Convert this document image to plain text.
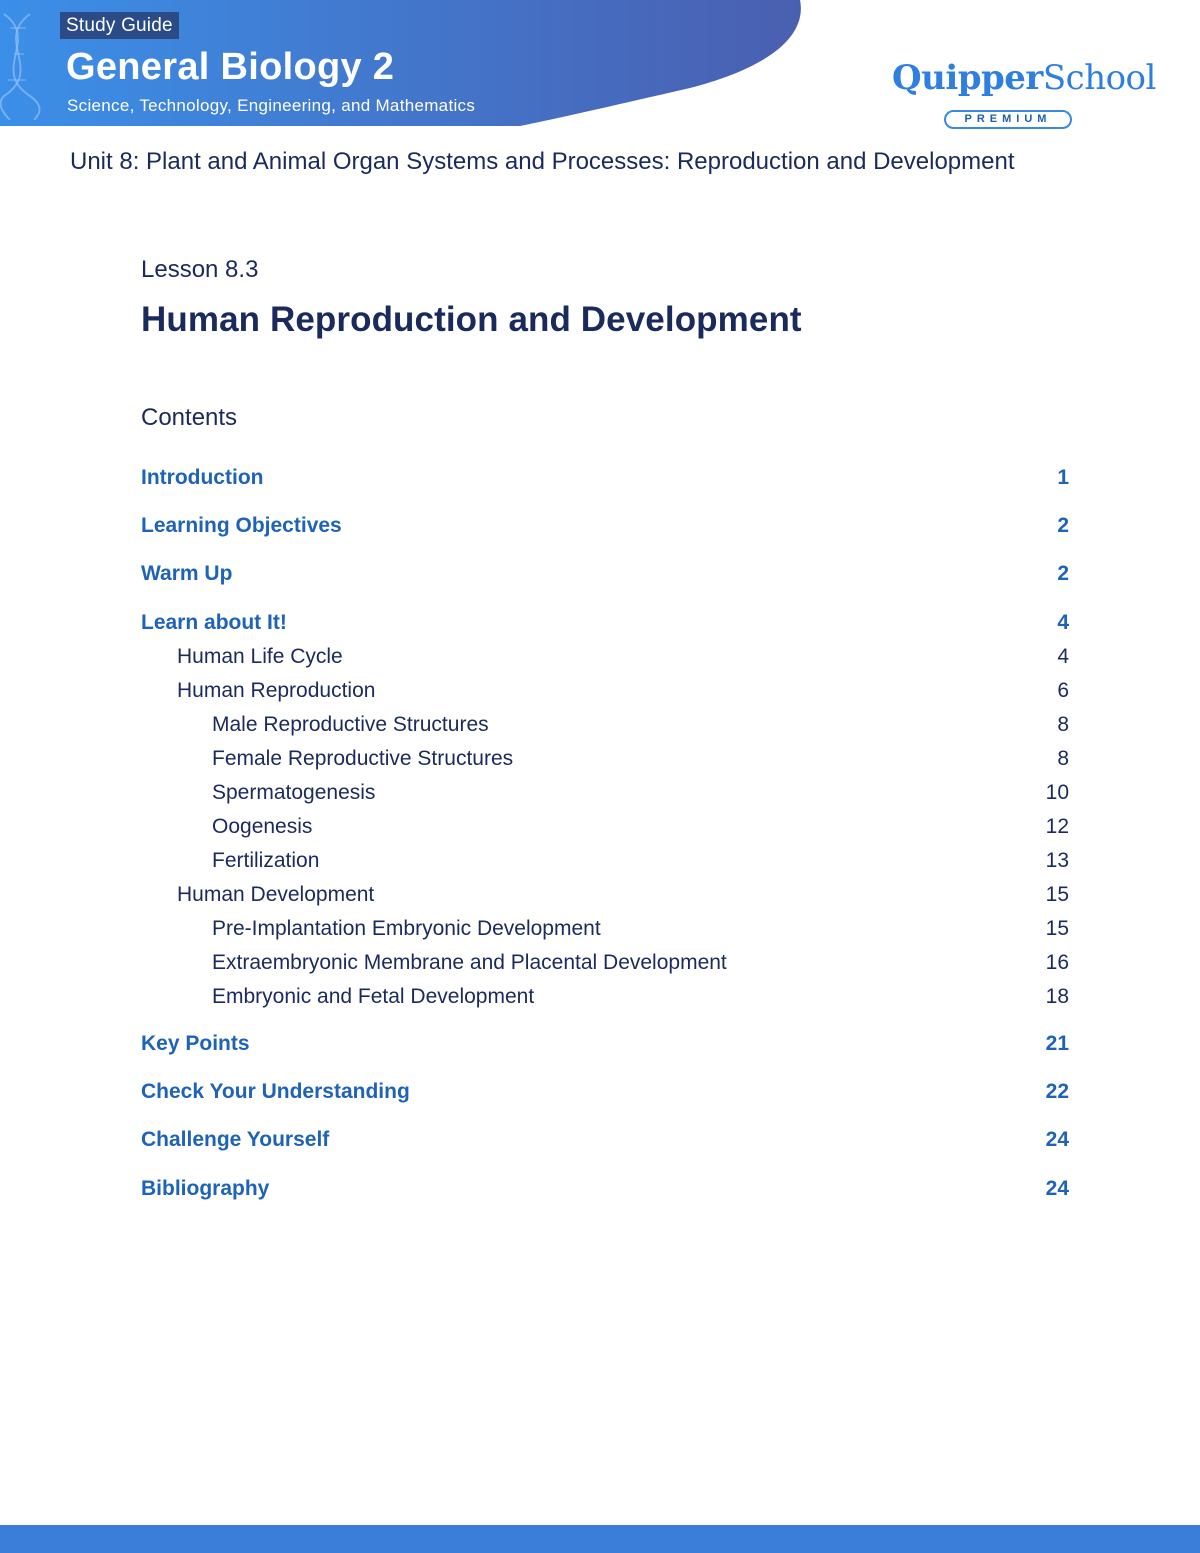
Study Guide
General Biology 2
Science, Technology, Engineering, and Mathematics
QuipperSchool
PREMIUM
Unit 8: Plant and Animal Organ Systems and Processes: Reproduction and Development
Lesson 8.3
Human Reproduction and Development
Contents
Introduction	1
Learning Objectives	2
Warm Up	2
Learn about It!	4
Human Life Cycle	4
Human Reproduction	6
Male Reproductive Structures	8
Female Reproductive Structures	8
Spermatogenesis	10
Oogenesis	12
Fertilization	13
Human Development	15
Pre-Implantation Embryonic Development	15
Extraembryonic Membrane and Placental Development	16
Embryonic and Fetal Development	18
Key Points	21
Check Your Understanding	22
Challenge Yourself	24
Bibliography	24
